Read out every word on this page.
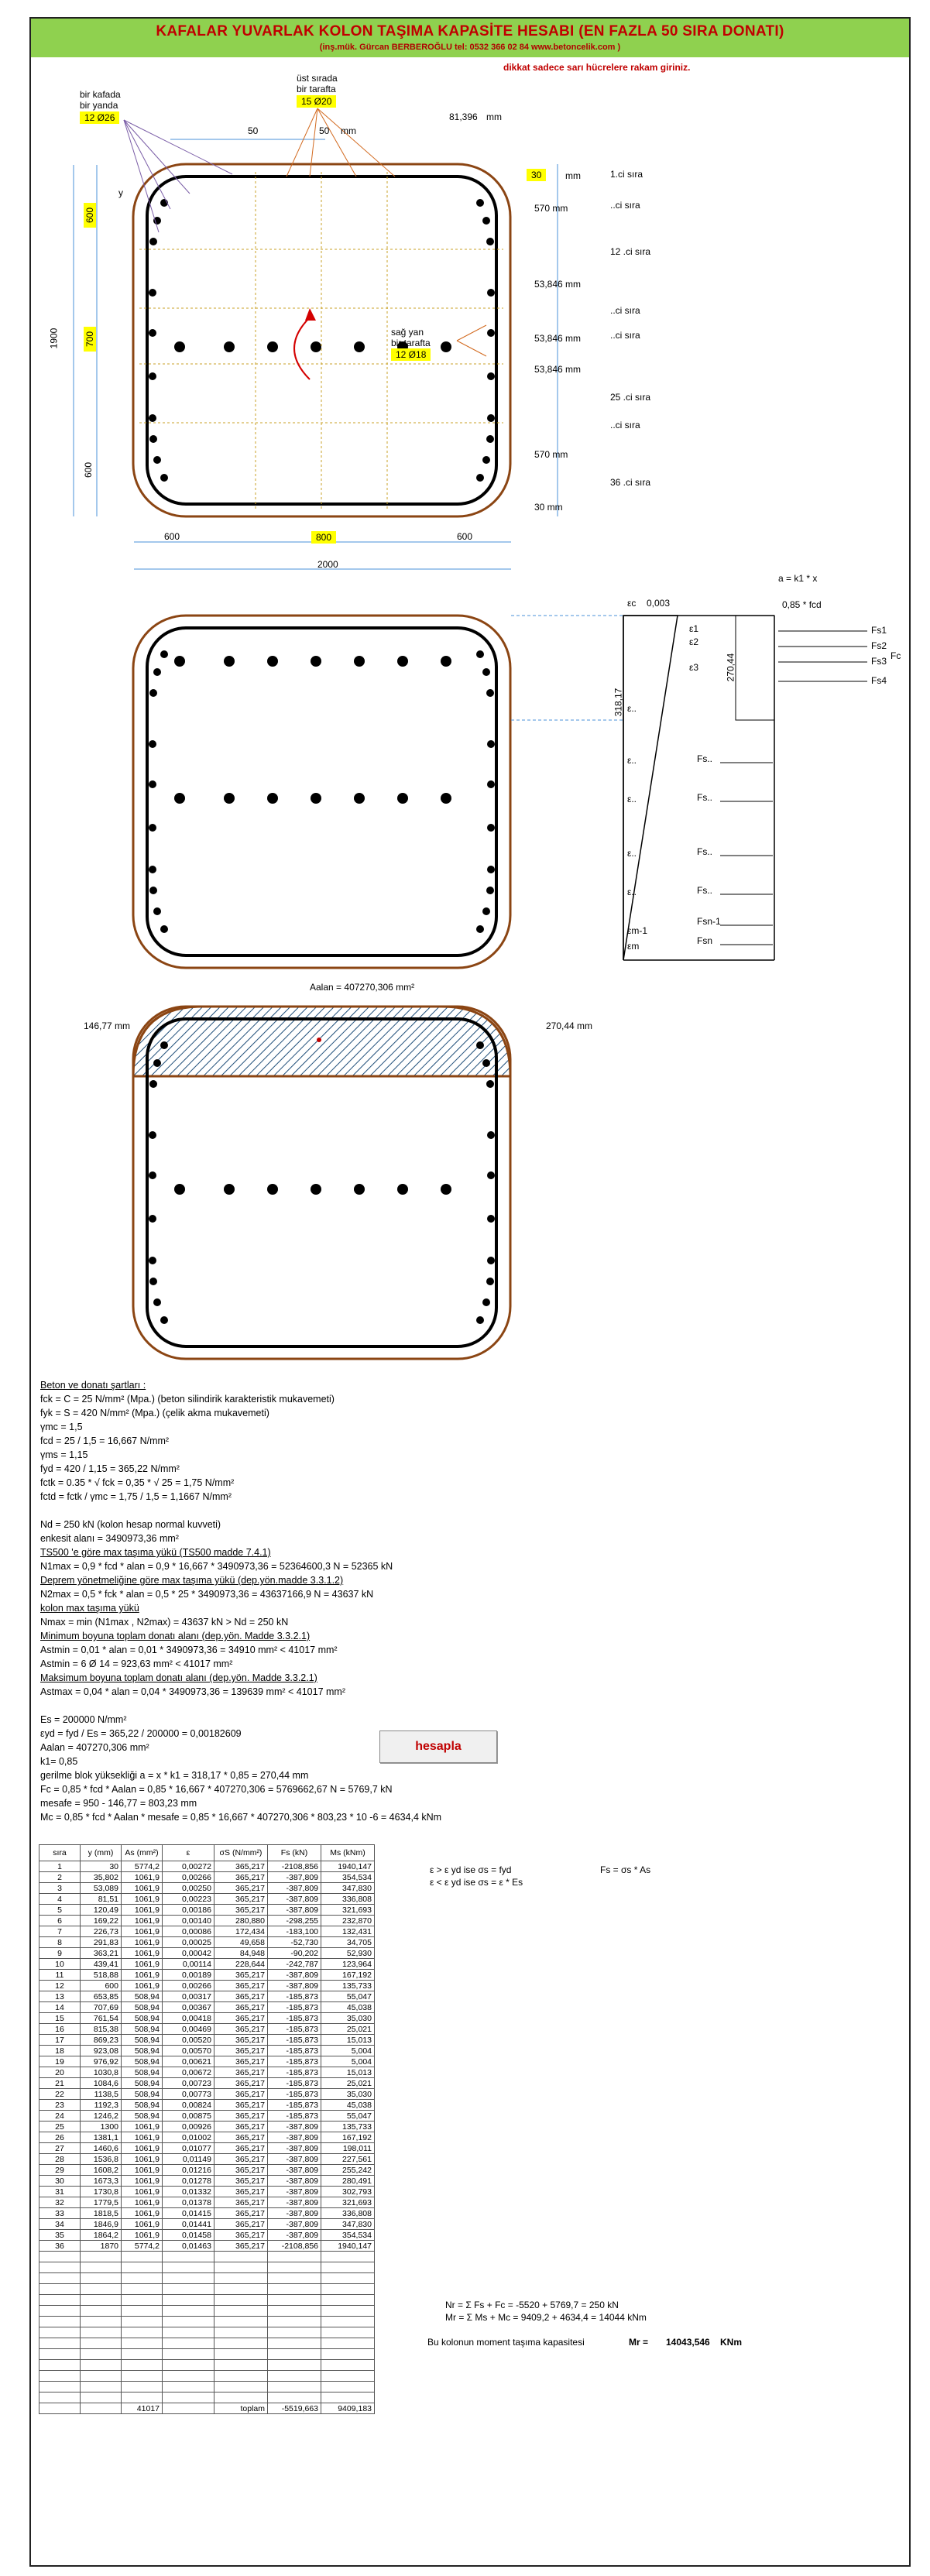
KAFALAR YUVARLAK KOLON TAŞIMA KAPASİTE HESABI (EN FAZLA 50 SIRA DONATI)
(inş.mük. Gürcan BERBEROĞLU tel: 0532 366 02 84 www.betoncelik.com )
dikkat sadece sarı hücrelere rakam giriniz.
bir kafada
bir yanda
12 Ø26
üst sırada
bir tarafta
15 Ø20
50	50 mm
81,396 mm
30	mm
y
sağ yan
bir tarafta
12 Ø18
1.ci sıra
570 mm	..ci sıra
12 .ci sıra
53,846 mm
..ci sıra
53,846 mm	..ci sıra
53,846 mm
25 .ci sıra
..ci sıra
570 mm
36 .ci sıra
30 mm
600
700
600
1900
600	800	600
2000
a = k1 * x
εc 0,003	0,85 * fcd
318,17
270,44
Fs1
Fs2
Fs3
Fs4
Fc
ε1
ε2
ε3
ε..
ε..
ε..
ε..
ε..
εm-1
εm
Fs..
Fs..
Fs..
Fs..
Fsn-1
Fsn
Aalan = 407270,306 mm²
146,77 mm	270,44 mm
Beton ve donatı şartları :
fck = C = 25 N/mm² (Mpa.) (beton silindirik karakteristik mukavemeti)
fyk = S = 420 N/mm² (Mpa.) (çelik akma mukavemeti)
γmc = 1,5
fcd = 25 / 1,5 = 16,667 N/mm²
γms = 1,15
fyd = 420 / 1,15 = 365,22 N/mm²
fctk = 0.35 * √ fck = 0,35 * √ 25 = 1,75 N/mm²
fctd = fctk / γmc = 1,75 / 1,5 = 1,1667 N/mm²

Nd = 250 kN (kolon hesap normal kuvveti)
enkesit alanı = 3490973,36 mm²
TS500 'e göre max taşıma yükü (TS500 madde 7.4.1)
N1max = 0,9 * fcd * alan = 0,9 * 16,667 * 3490973,36 = 52364600,3 N = 52365 kN
Deprem yönetmeliğine göre max taşıma yükü (dep.yön.madde 3.3.1.2)
N2max = 0,5 * fck * alan = 0,5 * 25 * 3490973,36 = 43637166,9 N = 43637 kN
kolon max taşıma yükü
Nmax = min (N1max , N2max) = 43637 kN > Nd = 250 kN
Minimum boyuna toplam donatı alanı (dep.yön. Madde 3.3.2.1)
Astmin = 0,01 * alan = 0,01 * 3490973,36 = 34910 mm² < 41017 mm²
Astmin = 6 Ø 14 = 923,63 mm² < 41017 mm²
Maksimum boyuna toplam donatı alanı (dep.yön. Madde 3.3.2.1)
Astmax = 0,04 * alan = 0,04 * 3490973,36 = 139639 mm² < 41017 mm²

Es = 200000 N/mm²
εyd = fyd / Es = 365,22 / 200000 = 0,00182609
Aalan = 407270,306 mm²
k1= 0,85
gerilme blok yüksekliği a = x * k1 = 318,17 * 0,85 = 270,44 mm
Fc = 0,85 * fcd * Aalan = 0,85 * 16,667 * 407270,306 = 5769662,67 N = 5769,7 kN
mesafe = 950 - 146,77 = 803,23 mm
Mc = 0,85 * fcd * Aalan * mesafe = 0,85 * 16,667 * 407270,306 * 803,23 * 10 -6 = 4634,4 kNm
hesapla
ε > ε yd ise σs = fyd	Fs = σs * As
ε < ε yd ise σs = ε * Es
Nr = Σ Fs + Fc = -5520 + 5769,7 = 250 kN
Mr = Σ Ms + Mc = 9409,2 + 4634,4 = 14044 kNm
Bu kolonun moment taşıma kapasitesi	Mr = 14043,546 KNm
sıra	y (mm)	As (mm²)	ε	σS (N/mm²)	Fs (kN)	Ms (kNm)
1	30	5774,2	0,00272	365,217	-2108,856	1940,147
2	35,802	1061,9	0,00266	365,217	-387,809	354,534
3	53,089	1061,9	0,00250	365,217	-387,809	347,830
4	81,51	1061,9	0,00223	365,217	-387,809	336,808
5	120,49	1061,9	0,00186	365,217	-387,809	321,693
6	169,22	1061,9	0,00140	280,880	-298,255	232,870
7	226,73	1061,9	0,00086	172,434	-183,100	132,431
8	291,83	1061,9	0,00025	49,658	-52,730	34,705
9	363,21	1061,9	0,00042	84,948	-90,202	52,930
10	439,41	1061,9	0,00114	228,644	-242,787	123,964
11	518,88	1061,9	0,00189	365,217	-387,809	167,192
12	600	1061,9	0,00266	365,217	-387,809	135,733
13	653,85	508,94	0,00317	365,217	-185,873	55,047
14	707,69	508,94	0,00367	365,217	-185,873	45,038
15	761,54	508,94	0,00418	365,217	-185,873	35,030
16	815,38	508,94	0,00469	365,217	-185,873	25,021
17	869,23	508,94	0,00520	365,217	-185,873	15,013
18	923,08	508,94	0,00570	365,217	-185,873	5,004
19	976,92	508,94	0,00621	365,217	-185,873	5,004
20	1030,8	508,94	0,00672	365,217	-185,873	15,013
21	1084,6	508,94	0,00723	365,217	-185,873	25,021
22	1138,5	508,94	0,00773	365,217	-185,873	35,030
23	1192,3	508,94	0,00824	365,217	-185,873	45,038
24	1246,2	508,94	0,00875	365,217	-185,873	55,047
25	1300	1061,9	0,00926	365,217	-387,809	135,733
26	1381,1	1061,9	0,01002	365,217	-387,809	167,192
27	1460,6	1061,9	0,01077	365,217	-387,809	198,011
28	1536,8	1061,9	0,01149	365,217	-387,809	227,561
29	1608,2	1061,9	0,01216	365,217	-387,809	255,242
30	1673,3	1061,9	0,01278	365,217	-387,809	280,491
31	1730,8	1061,9	0,01332	365,217	-387,809	302,793
32	1779,5	1061,9	0,01378	365,217	-387,809	321,693
33	1818,5	1061,9	0,01415	365,217	-387,809	336,808
34	1846,9	1061,9	0,01441	365,217	-387,809	347,830
35	1864,2	1061,9	0,01458	365,217	-387,809	354,534
36	1870	5774,2	0,01463	365,217	-2108,856	1940,147

		41017		toplam	-5519,663	9409,183
